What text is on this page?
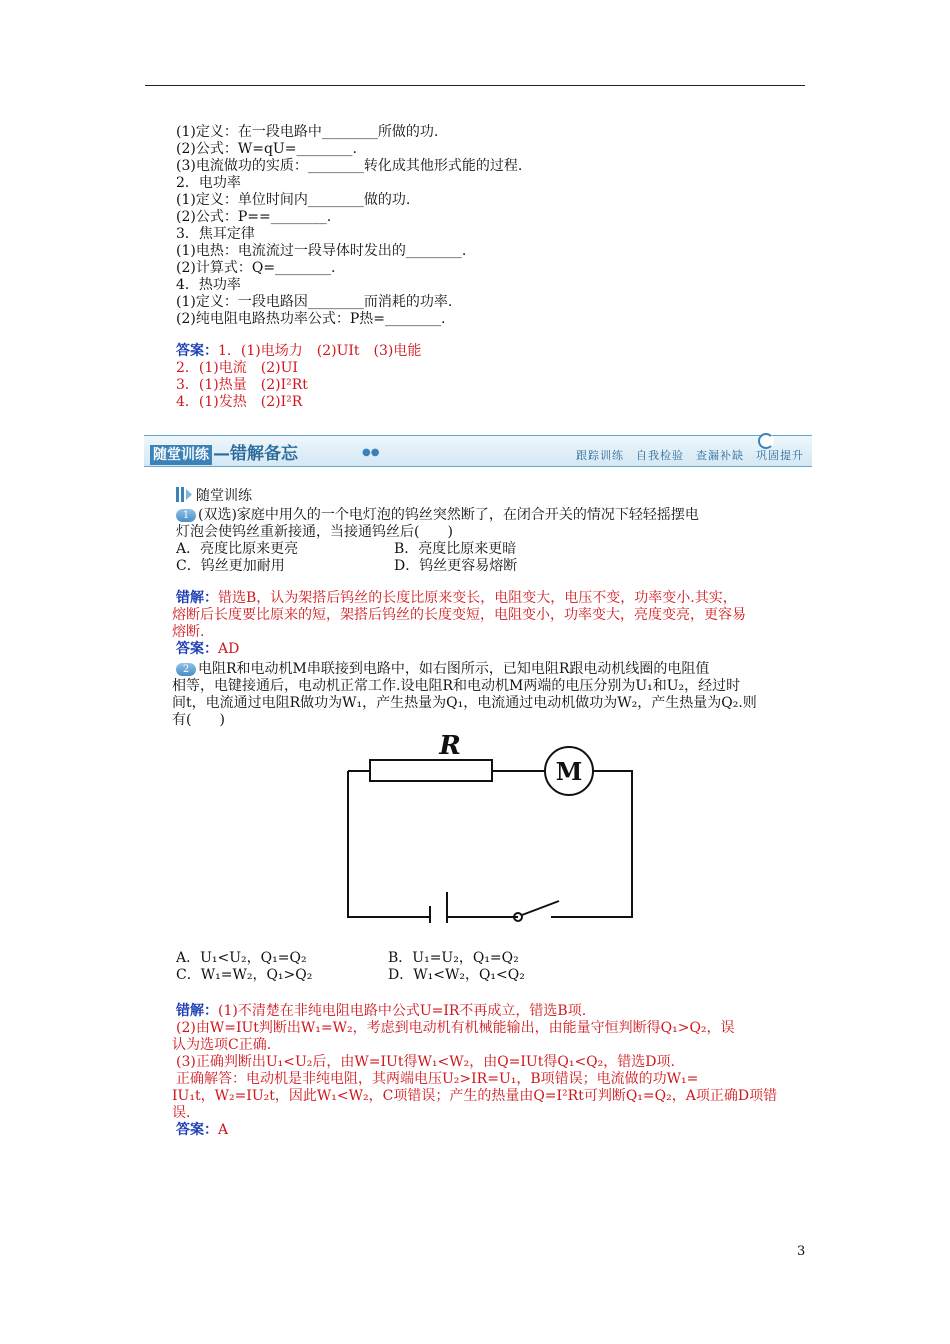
(1)定义：在一段电路中________所做的功.
(2)公式：W=qU=________.
(3)电流做功的实质：________转化成其他形式能的过程.
2．电功率
(1)定义：单位时间内________做的功.
(2)公式：P==________.
3．焦耳定律
(1)电热：电流流过一段导体时发出的________.
(2)计算式：Q=________.
4．热功率
(1)定义：一段电路因________而消耗的功率.
(2)纯电阻电路热功率公式：P热=________.
答案：1．(1)电场力　(2)UIt　(3)电能
2．(1)电流　(2)UI
3．(1)热量　(2)I²Rt
4．(1)发热　(2)I²R
随堂训练 —错解备忘	●●	跟踪训练　自我检验　查漏补缺　巩固提升
随堂训练
1 (双选)家庭中用久的一个电灯泡的钨丝突然断了，在闭合开关的情况下轻轻摇摆电
灯泡会使钨丝重新接通，当接通钨丝后(　　)
A．亮度比原来更亮	B．亮度比原来更暗
C．钨丝更加耐用	D．钨丝更容易熔断
错解：错选B，认为架搭后钨丝的长度比原来变长，电阻变大，电压不变，功率变小.其实，
熔断后长度要比原来的短，架搭后钨丝的长度变短，电阻变小，功率变大，亮度变亮，更容易
熔断.
答案：AD
2 电阻R和电动机M串联接到电路中，如右图所示，已知电阻R跟电动机线圈的电阻值
相等，电键接通后，电动机正常工作.设电阻R和电动机M两端的电压分别为U₁和U₂，经过时
间t，电流通过电阻R做功为W₁，产生热量为Q₁，电流通过电动机做功为W₂，产生热量为Q₂.则
有(　　)
R
M
A．U₁<U₂，Q₁=Q₂	B．U₁=U₂，Q₁=Q₂
C．W₁=W₂，Q₁>Q₂	D．W₁<W₂，Q₁<Q₂
错解：(1)不清楚在非纯电阻电路中公式U=IR不再成立，错选B项.
(2)由W=IUt判断出W₁=W₂，考虑到电动机有机械能输出，由能量守恒判断得Q₁>Q₂，误
认为选项C正确.
(3)正确判断出U₁<U₂后，由W=IUt得W₁<W₂，由Q=IUt得Q₁<Q₂，错选D项.
正确解答：电动机是非纯电阻，其两端电压U₂>IR=U₁，B项错误；电流做的功W₁=
IU₁t，W₂=IU₂t，因此W₁<W₂，C项错误；产生的热量由Q=I²Rt可判断Q₁=Q₂，A项正确D项错
误.
答案：A
3
